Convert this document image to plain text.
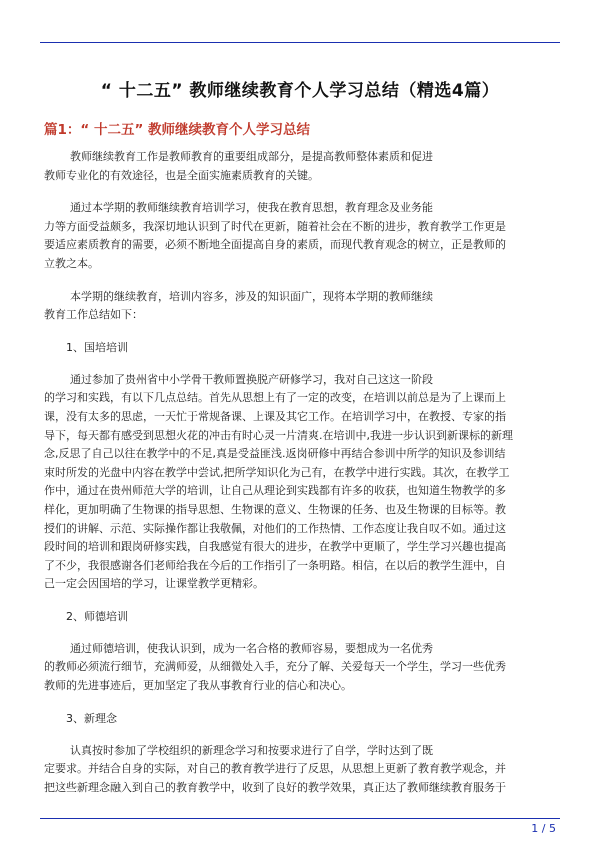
“ 十二五” 教师继续教育个人学习总结（精选4篇）
篇1：“ 十二五” 教师继续教育个人学习总结
教师继续教育工作是教师教育的重要组成部分，是提高教师整体素质和促进
教师专业化的有效途径，也是全面实施素质教育的关键。
通过本学期的教师继续教育培训学习，使我在教育思想，教育理念及业务能
力等方面受益颇多，我深切地认识到了时代在更新，随着社会在不断的进步，教育教学工作更是
要适应素质教育的需要，必须不断地全面提高自身的素质，而现代教育观念的树立，正是教师的
立教之本。
本学期的继续教育，培训内容多，涉及的知识面广，现将本学期的教师继续
教育工作总结如下：
1、国培培训
通过参加了贵州省中小学骨干教师置换脱产研修学习，我对自己这这一阶段
的学习和实践，有以下几点总结。首先从思想上有了一定的改变，在培训以前总是为了上课而上
课，没有太多的思虑，一天忙于常规备课、上课及其它工作。在培训学习中，在教授、专家的指
导下，每天都有感受到思想火花的冲击有时心灵一片清爽.在培训中,我进一步认识到新课标的新理
念,反思了自己以往在教学中的不足,真是受益匪浅.返岗研修中再结合参训中所学的知识及参训结
束时所发的光盘中内容在教学中尝试,把所学知识化为己有，在教学中进行实践。其次，在教学工
作中，通过在贵州师范大学的培训，让自己从理论到实践都有许多的收获，也知道生物教学的多
样化，更加明确了生物课的指导思想、生物课的意义、生物课的任务、也及生物课的目标等。教
授们的讲解、示范、实际操作都让我敬佩，对他们的工作热情、工作态度让我自叹不如。通过这
段时间的培训和跟岗研修实践，自我感觉有很大的进步，在教学中更顺了，学生学习兴趣也提高
了不少，我很感谢各们老师给我在今后的工作指引了一条明路。相信，在以后的教学生涯中，自
己一定会因国培的学习，让课堂教学更精彩。
2、师德培训
通过师德培训，使我认识到，成为一名合格的教师容易，要想成为一名优秀
的教师必须流行细节，充满师爱，从细微处入手，充分了解、关爱每天一个学生，学习一些优秀
教师的先进事迹后，更加坚定了我从事教育行业的信心和决心。
3、新理念
认真按时参加了学校组织的新理念学习和按要求进行了自学，学时达到了既
定要求。并结合自身的实际，对自己的教育教学进行了反思，从思想上更新了教育教学观念，并
把这些新理念融入到自己的教育教学中，收到了良好的教学效果，真正达了教师继续教育服务于
1 / 5
